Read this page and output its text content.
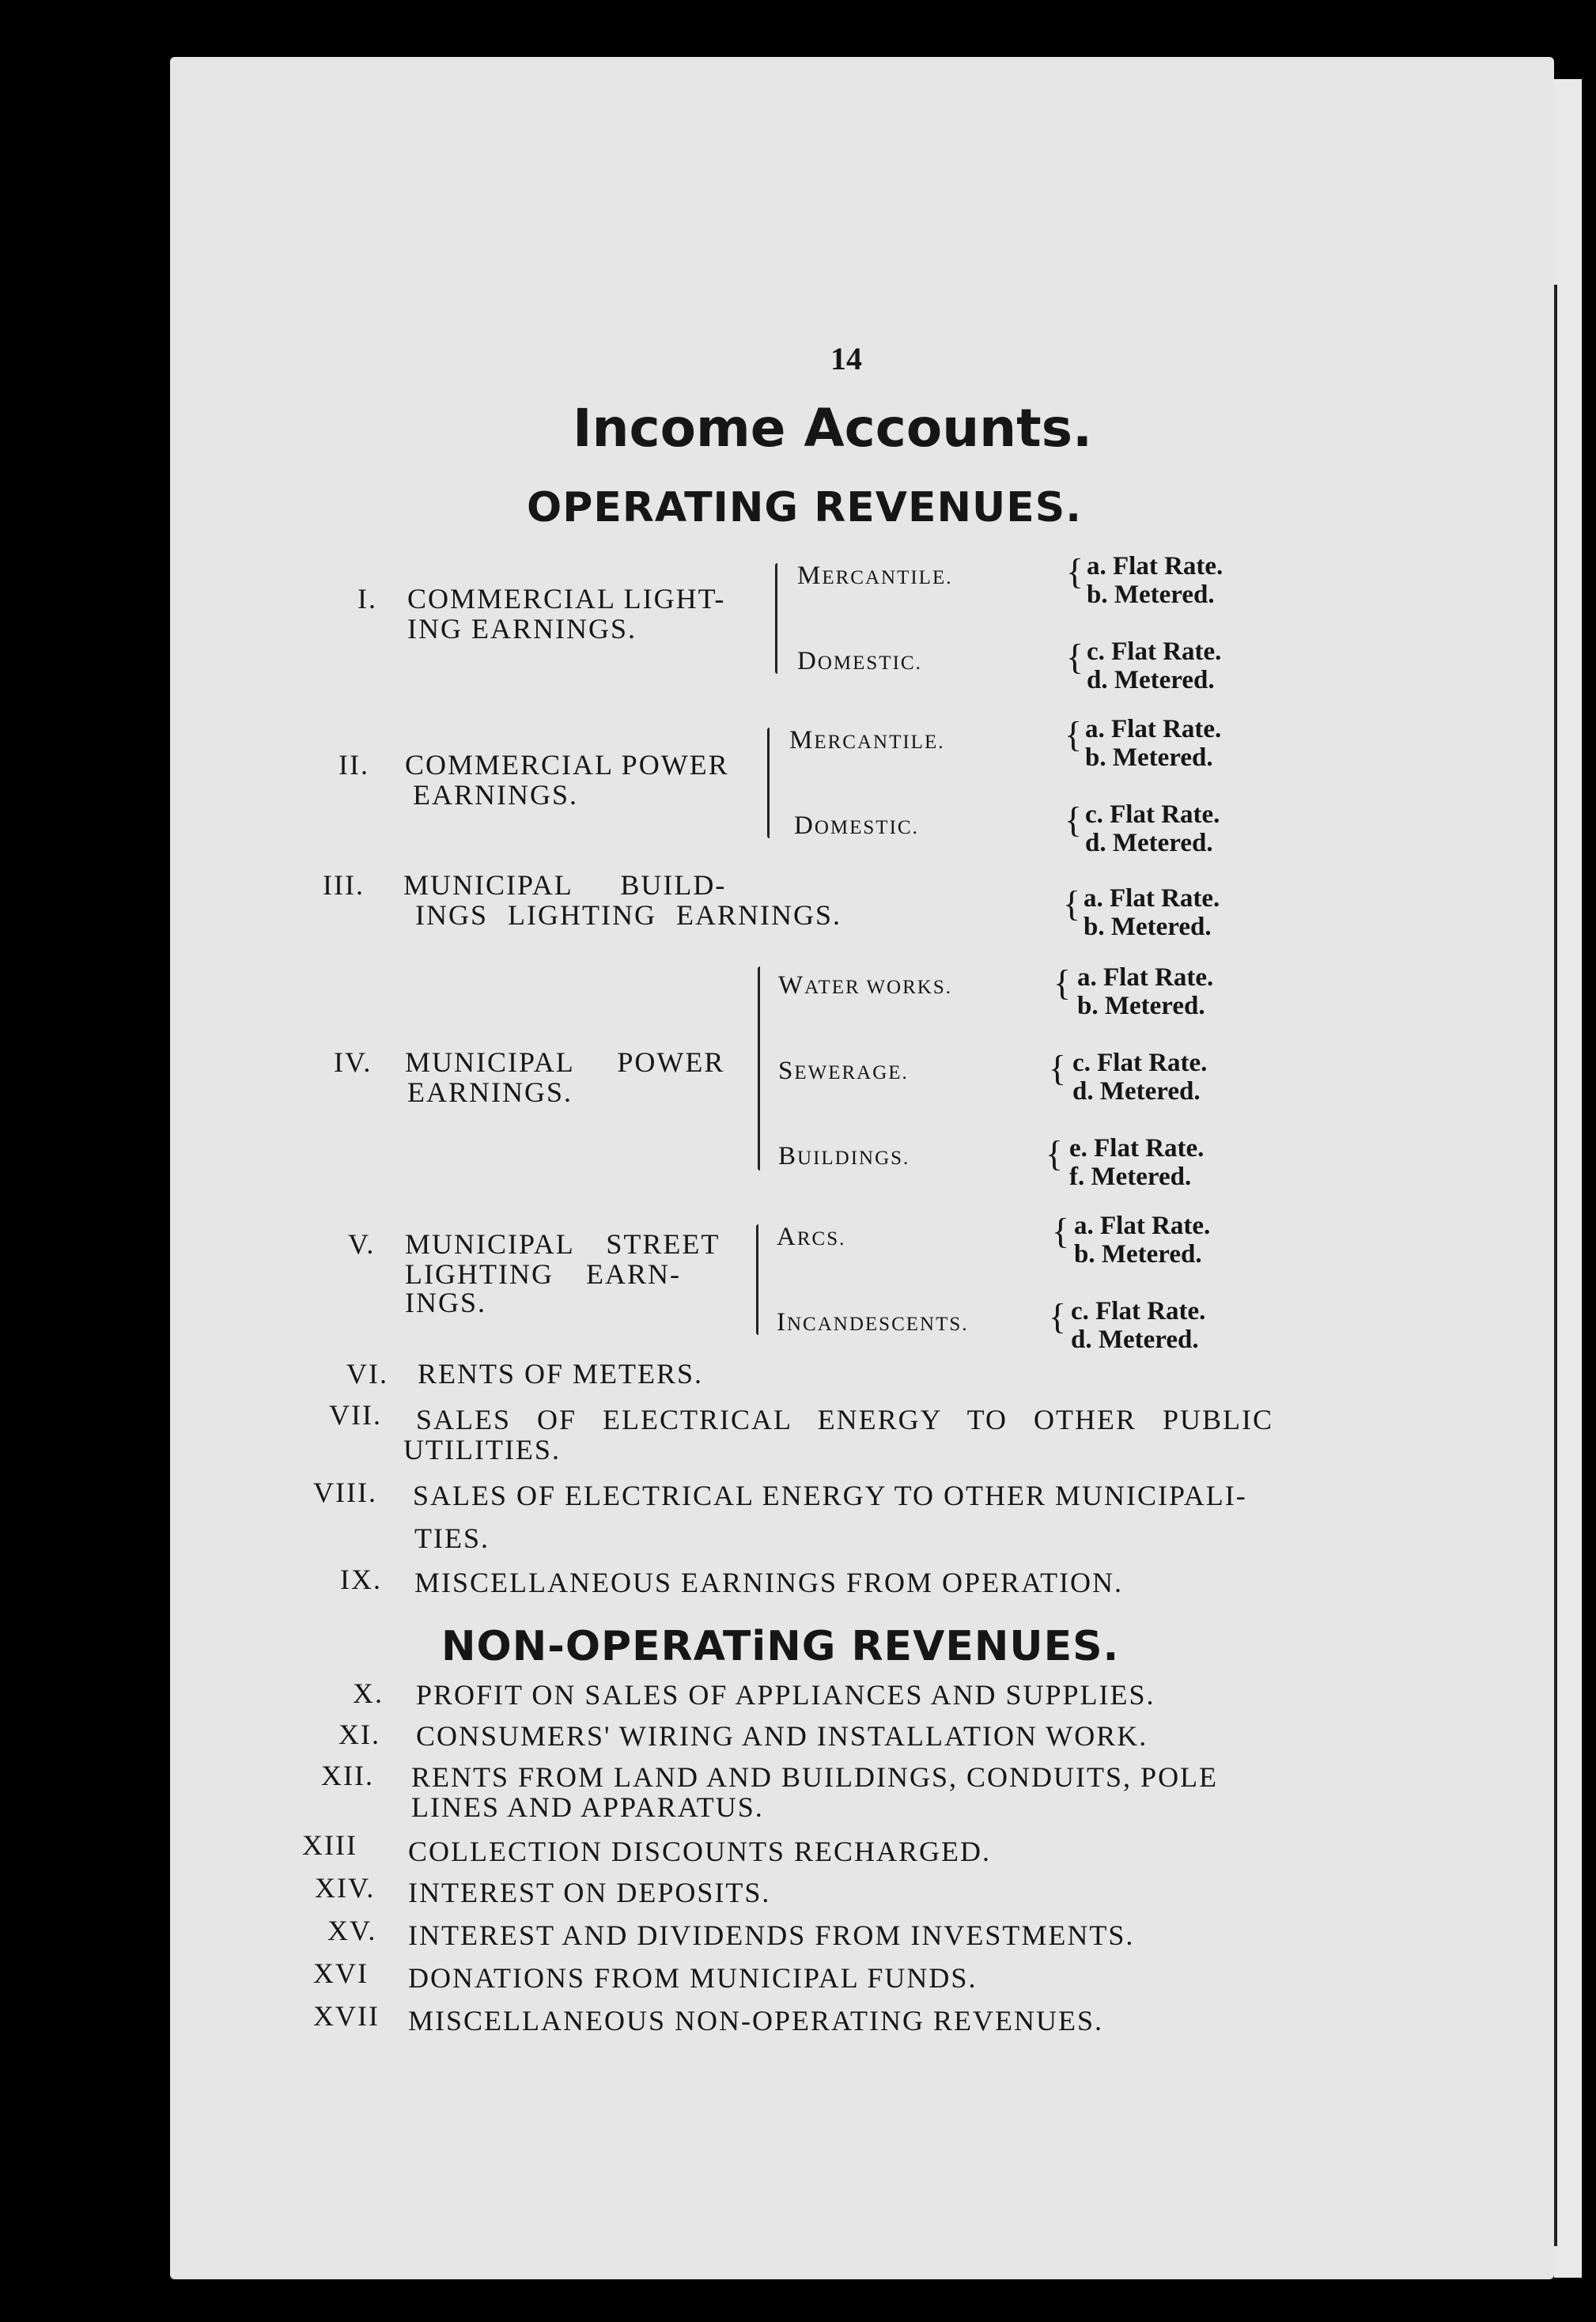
14
Income Accounts.
OPERATING REVENUES.
I. COMMERCIAL LIGHT-
ING EARNINGS.
MERCANTILE.
DOMESTIC.
{ a. Flat Rate.
b. Metered.
{ c. Flat Rate.
d. Metered.
II. COMMERCIAL POWER
EARNINGS.
MERCANTILE.
DOMESTIC.
{ a. Flat Rate.
b. Metered.
{ c. Flat Rate.
d. Metered.
III. MUNICIPAL BUILD-
INGS LIGHTING EARNINGS.	{ a. Flat Rate.
b. Metered.
IV. MUNICIPAL POWER
EARNINGS.
WATER WORKS.
SEWERAGE.
BUILDINGS.
{ a. Flat Rate.
b. Metered.
{ c. Flat Rate.
d. Metered.
{ e. Flat Rate.
f. Metered.
V. MUNICIPAL STREET
LIGHTING EARN-
INGS.
ARCS.
INCANDESCENTS.
{ a. Flat Rate.
b. Metered.
{ c. Flat Rate.
d. Metered.
VI. RENTS OF METERS.
VII. SALES OF ELECTRICAL ENERGY TO OTHER PUBLIC
UTILITIES.
VIII. SALES OF ELECTRICAL ENERGY TO OTHER MUNICIPALI-
TIES.
IX. MISCELLANEOUS EARNINGS FROM OPERATION.
NON-OPERATiNG REVENUES.
X. PROFIT ON SALES OF APPLIANCES AND SUPPLIES.
XI. CONSUMERS' WIRING AND INSTALLATION WORK.
XII. RENTS FROM LAND AND BUILDINGS, CONDUITS, POLE
LINES AND APPARATUS.
XIII COLLECTION DISCOUNTS RECHARGED.
XIV. INTEREST ON DEPOSITS.
XV. INTEREST AND DIVIDENDS FROM INVESTMENTS.
XVI DONATIONS FROM MUNICIPAL FUNDS.
XVII MISCELLANEOUS NON-OPERATING REVENUES.
